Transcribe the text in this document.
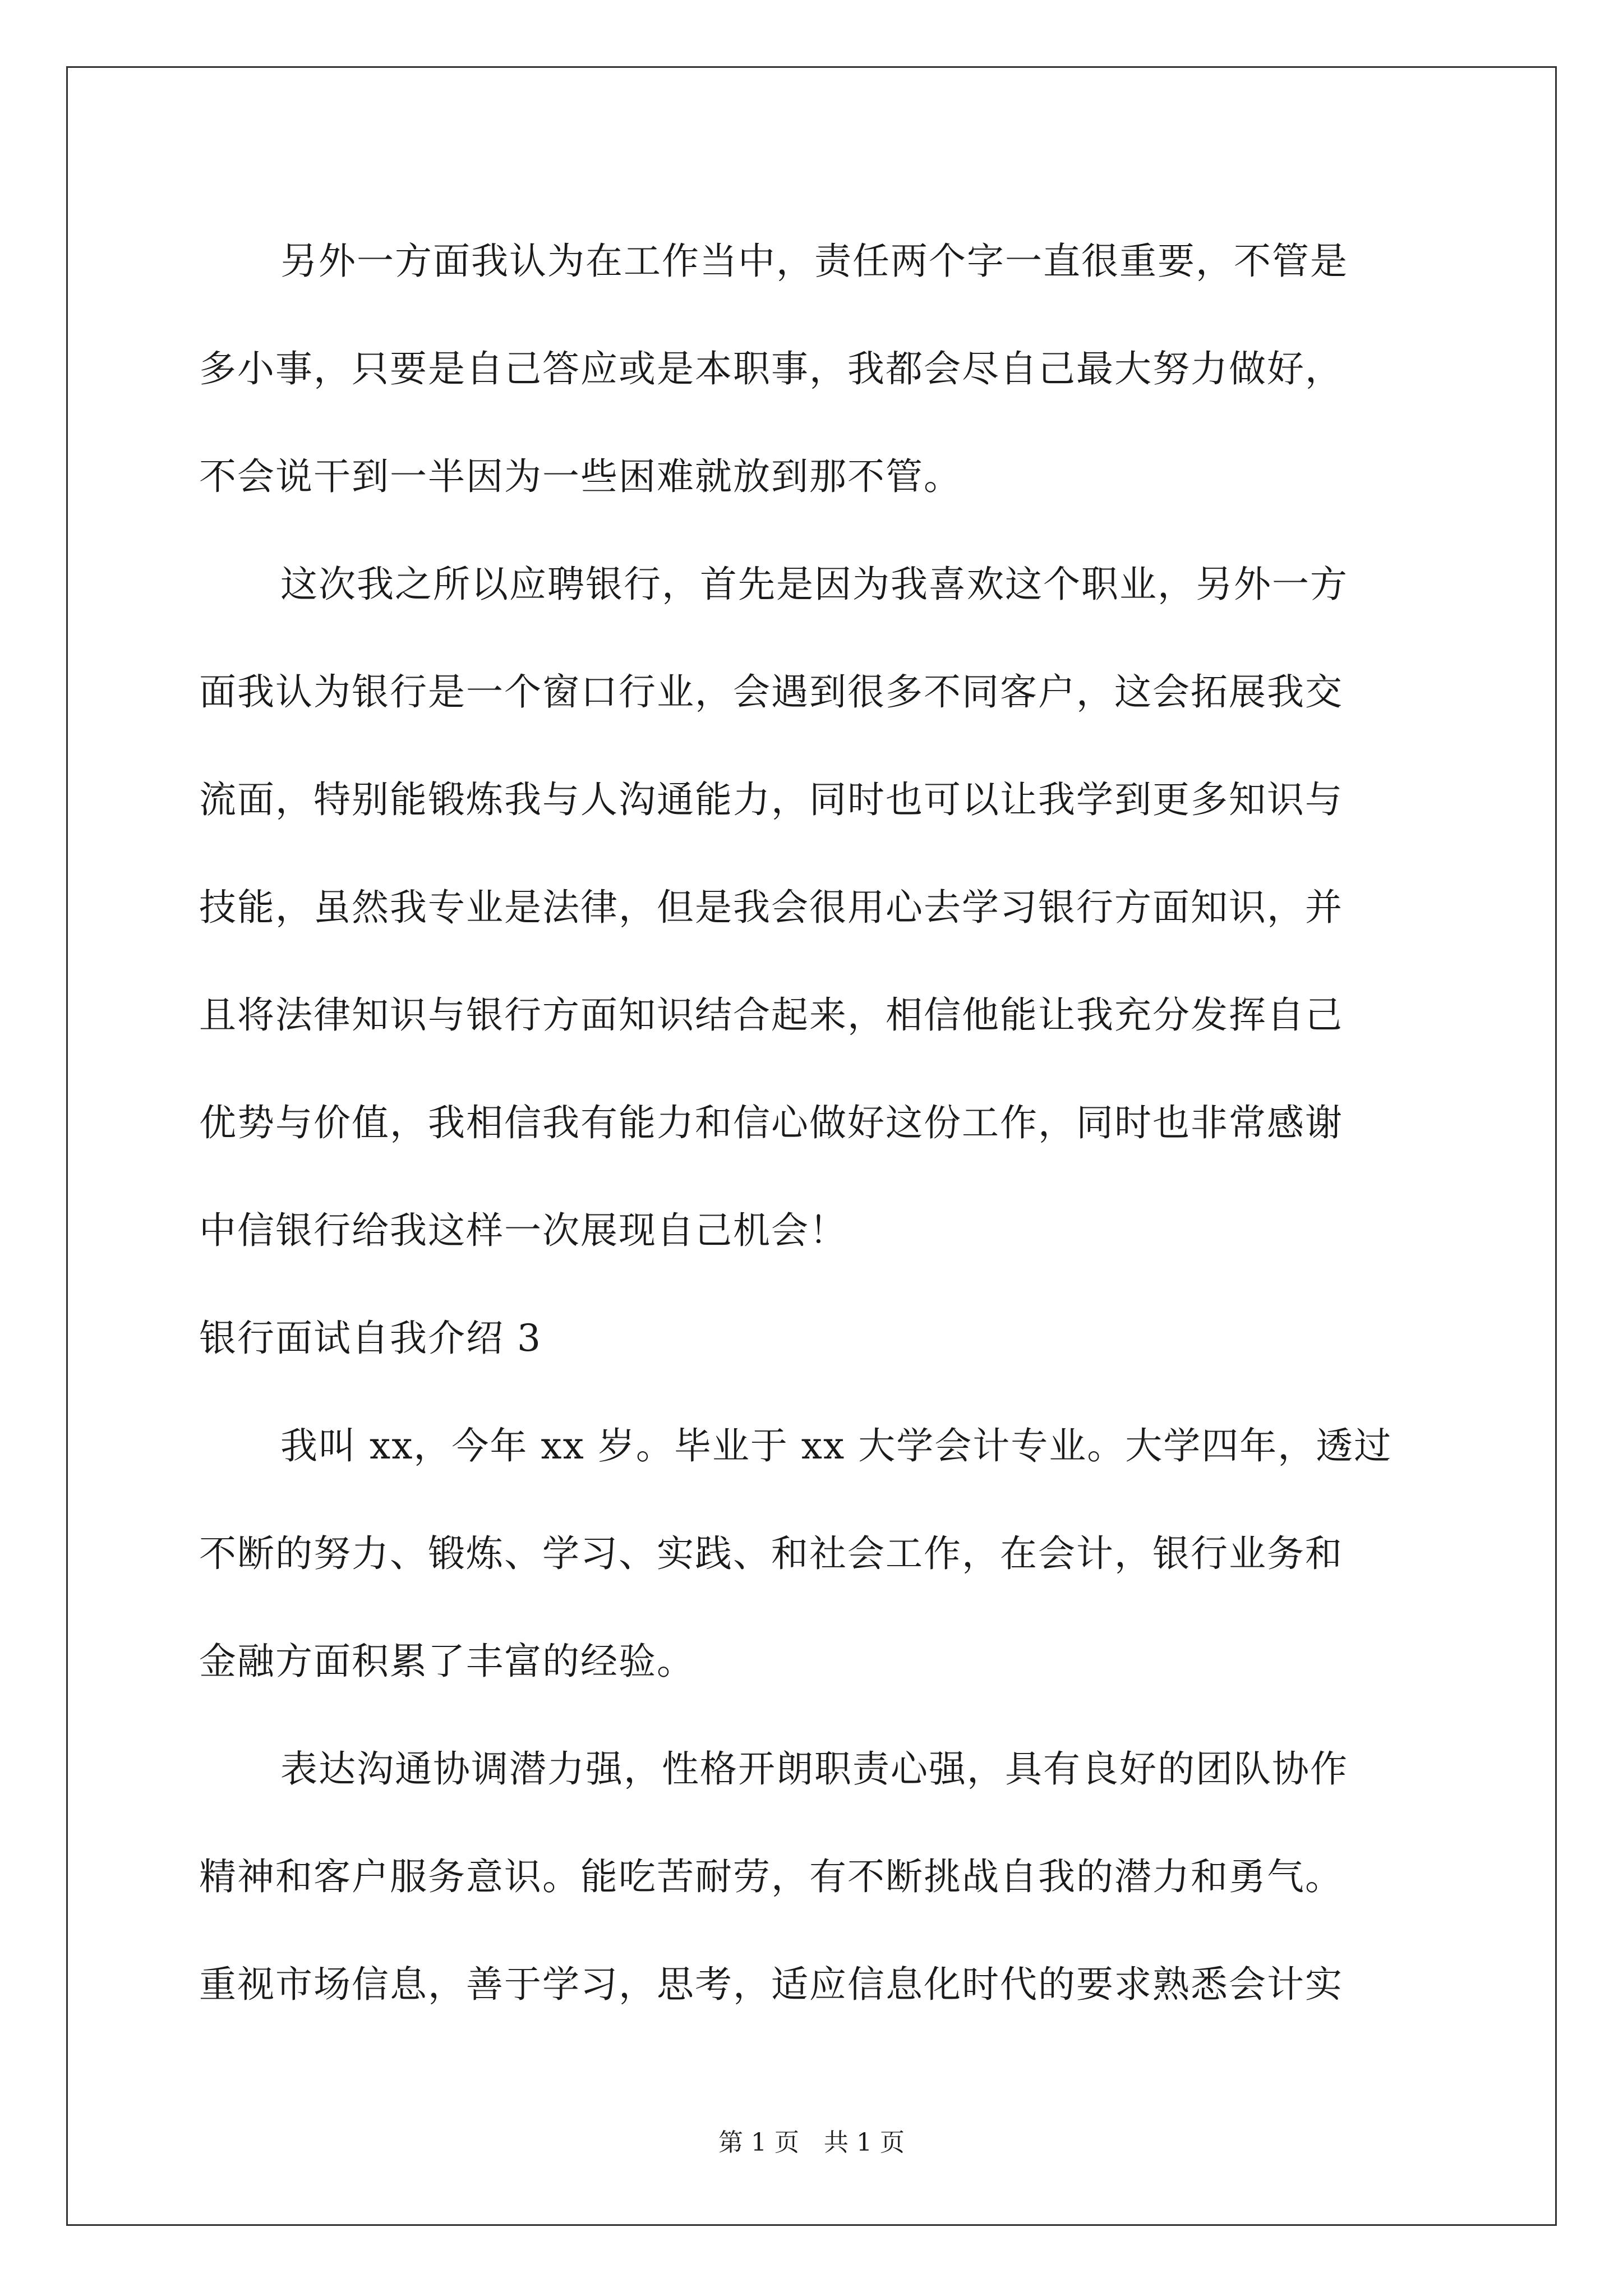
另外一方面我认为在工作当中，责任两个字一直很重要，不管是
多小事，只要是自己答应或是本职事，我都会尽自己最大努力做好，
不会说干到一半因为一些困难就放到那不管。
这次我之所以应聘银行，首先是因为我喜欢这个职业，另外一方
面我认为银行是一个窗口行业，会遇到很多不同客户，这会拓展我交
流面，特别能锻炼我与人沟通能力，同时也可以让我学到更多知识与
技能，虽然我专业是法律，但是我会很用心去学习银行方面知识，并
且将法律知识与银行方面知识结合起来，相信他能让我充分发挥自己
优势与价值，我相信我有能力和信心做好这份工作，同时也非常感谢
中信银行给我这样一次展现自己机会！
银行面试自我介绍 3
我叫 xx，今年 xx 岁。毕业于 xx 大学会计专业。大学四年，透过
不断的努力、锻炼、学习、实践、和社会工作，在会计，银行业务和
金融方面积累了丰富的经验。
表达沟通协调潜力强，性格开朗职责心强，具有良好的团队协作
精神和客户服务意识。能吃苦耐劳，有不断挑战自我的潜力和勇气。
重视市场信息，善于学习，思考，适应信息化时代的要求熟悉会计实
第 1 页　共 1 页
